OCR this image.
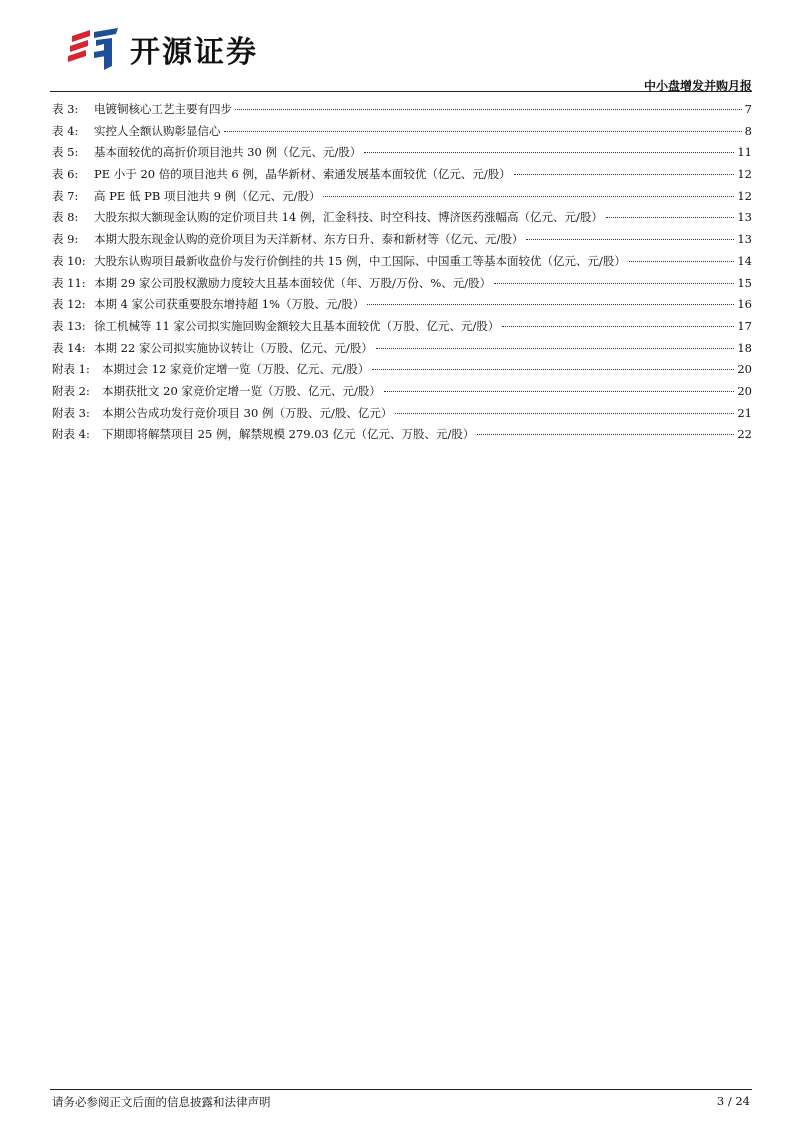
开源证券
中小盘增发并购月报
表 3:	电镀铜核心工艺主要有四步	7
表 4:	实控人全额认购彰显信心	8
表 5:	基本面较优的高折价项目池共 30 例（亿元、元/股）	11
表 6:	PE 小于 20 倍的项目池共 6 例，晶华新材、索通发展基本面较优（亿元、元/股）	12
表 7:	高 PE 低 PB 项目池共 9 例（亿元、元/股）	12
表 8:	大股东拟大额现金认购的定价项目共 14 例，汇金科技、时空科技、博济医药涨幅高（亿元、元/股）	13
表 9:	本期大股东现金认购的竞价项目为天洋新材、东方日升、泰和新材等（亿元、元/股）	13
表 10: 大股东认购项目最新收盘价与发行价倒挂的共 15 例，中工国际、中国重工等基本面较优（亿元、元/股）	14
表 11: 本期 29 家公司股权激励力度较大且基本面较优（年、万股/万份、%、元/股）	15
表 12: 本期 4 家公司获重要股东增持超 1%（万股、元/股）	16
表 13: 徐工机械等 11 家公司拟实施回购金额较大且基本面较优（万股、亿元、元/股）	17
表 14: 本期 22 家公司拟实施协议转让（万股、亿元、元/股）	18
附表 1:	本期过会 12 家竞价定增一览（万股、亿元、元/股）	20
附表 2:	本期获批文 20 家竞价定增一览（万股、亿元、元/股）	20
附表 3:	本期公告成功发行竞价项目 30 例（万股、元/股、亿元）	21
附表 4:	下期即将解禁项目 25 例，解禁规模 279.03 亿元（亿元、万股、元/股）	22
请务必参阅正文后面的信息披露和法律声明	3 / 24
